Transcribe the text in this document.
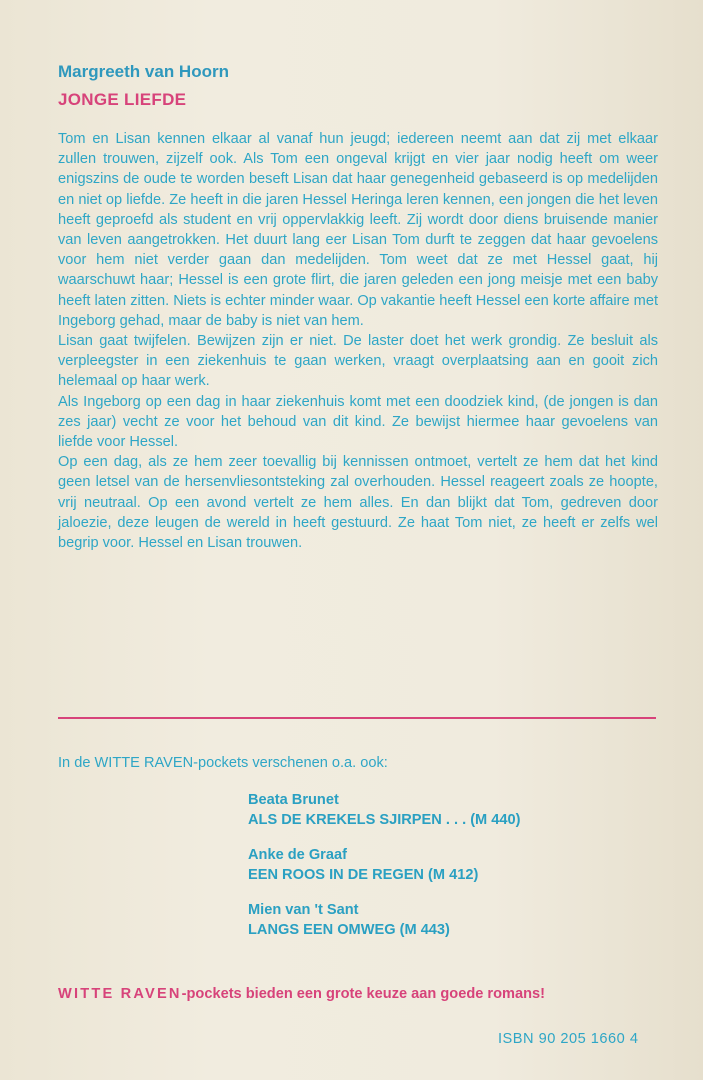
Margreeth van Hoorn
JONGE LIEFDE

Tom en Lisan kennen elkaar al vanaf hun jeugd; iedereen neemt aan dat zij met elkaar zullen trouwen, zijzelf ook. Als Tom een ongeval krijgt en vier jaar nodig heeft om weer enigszins de oude te worden beseft Lisan dat haar genegenheid gebaseerd is op medelijden en niet op liefde. Ze heeft in die jaren Hessel Heringa leren kennen, een jongen die het leven heeft geproefd als student en vrij oppervlakkig leeft. Zij wordt door diens bruisende manier van leven aangetrokken. Het duurt lang eer Lisan Tom durft te zeggen dat haar gevoelens voor hem niet verder gaan dan medelijden. Tom weet dat ze met Hessel gaat, hij waarschuwt haar; Hessel is een grote flirt, die jaren geleden een jong meisje met een baby heeft laten zitten. Niets is echter minder waar. Op vakantie heeft Hessel een korte affaire met Ingeborg gehad, maar de baby is niet van hem.

Lisan gaat twijfelen. Bewijzen zijn er niet. De laster doet het werk grondig. Ze besluit als verpleegster in een ziekenhuis te gaan werken, vraagt overplaatsing aan en gooit zich helemaal op haar werk.

Als Ingeborg op een dag in haar ziekenhuis komt met een doodziek kind, (de jongen is dan zes jaar) vecht ze voor het behoud van dit kind. Ze bewijst hiermee haar gevoelens van liefde voor Hessel.

Op een dag, als ze hem zeer toevallig bij kennissen ontmoet, vertelt ze hem dat het kind geen letsel van de hersenvliesontsteking zal overhouden. Hessel reageert zoals ze hoopte, vrij neutraal. Op een avond vertelt ze hem alles. En dan blijkt dat Tom, gedreven door jaloezie, deze leugen de wereld in heeft gestuurd. Ze haat Tom niet, ze heeft er zelfs wel begrip voor. Hessel en Lisan trouwen.

In de WITTE RAVEN-pockets verschenen o.a. ook:
Beata Brunet
ALS DE KREKELS SJIRPEN . . . (M 440)
Anke de Graaf
EEN ROOS IN DE REGEN (M 412)
Mien van 't Sant
LANGS EEN OMWEG (M 443)
WITTE RAVEN-pockets bieden een grote keuze aan goede romans!
ISBN 90 205 1660 4
